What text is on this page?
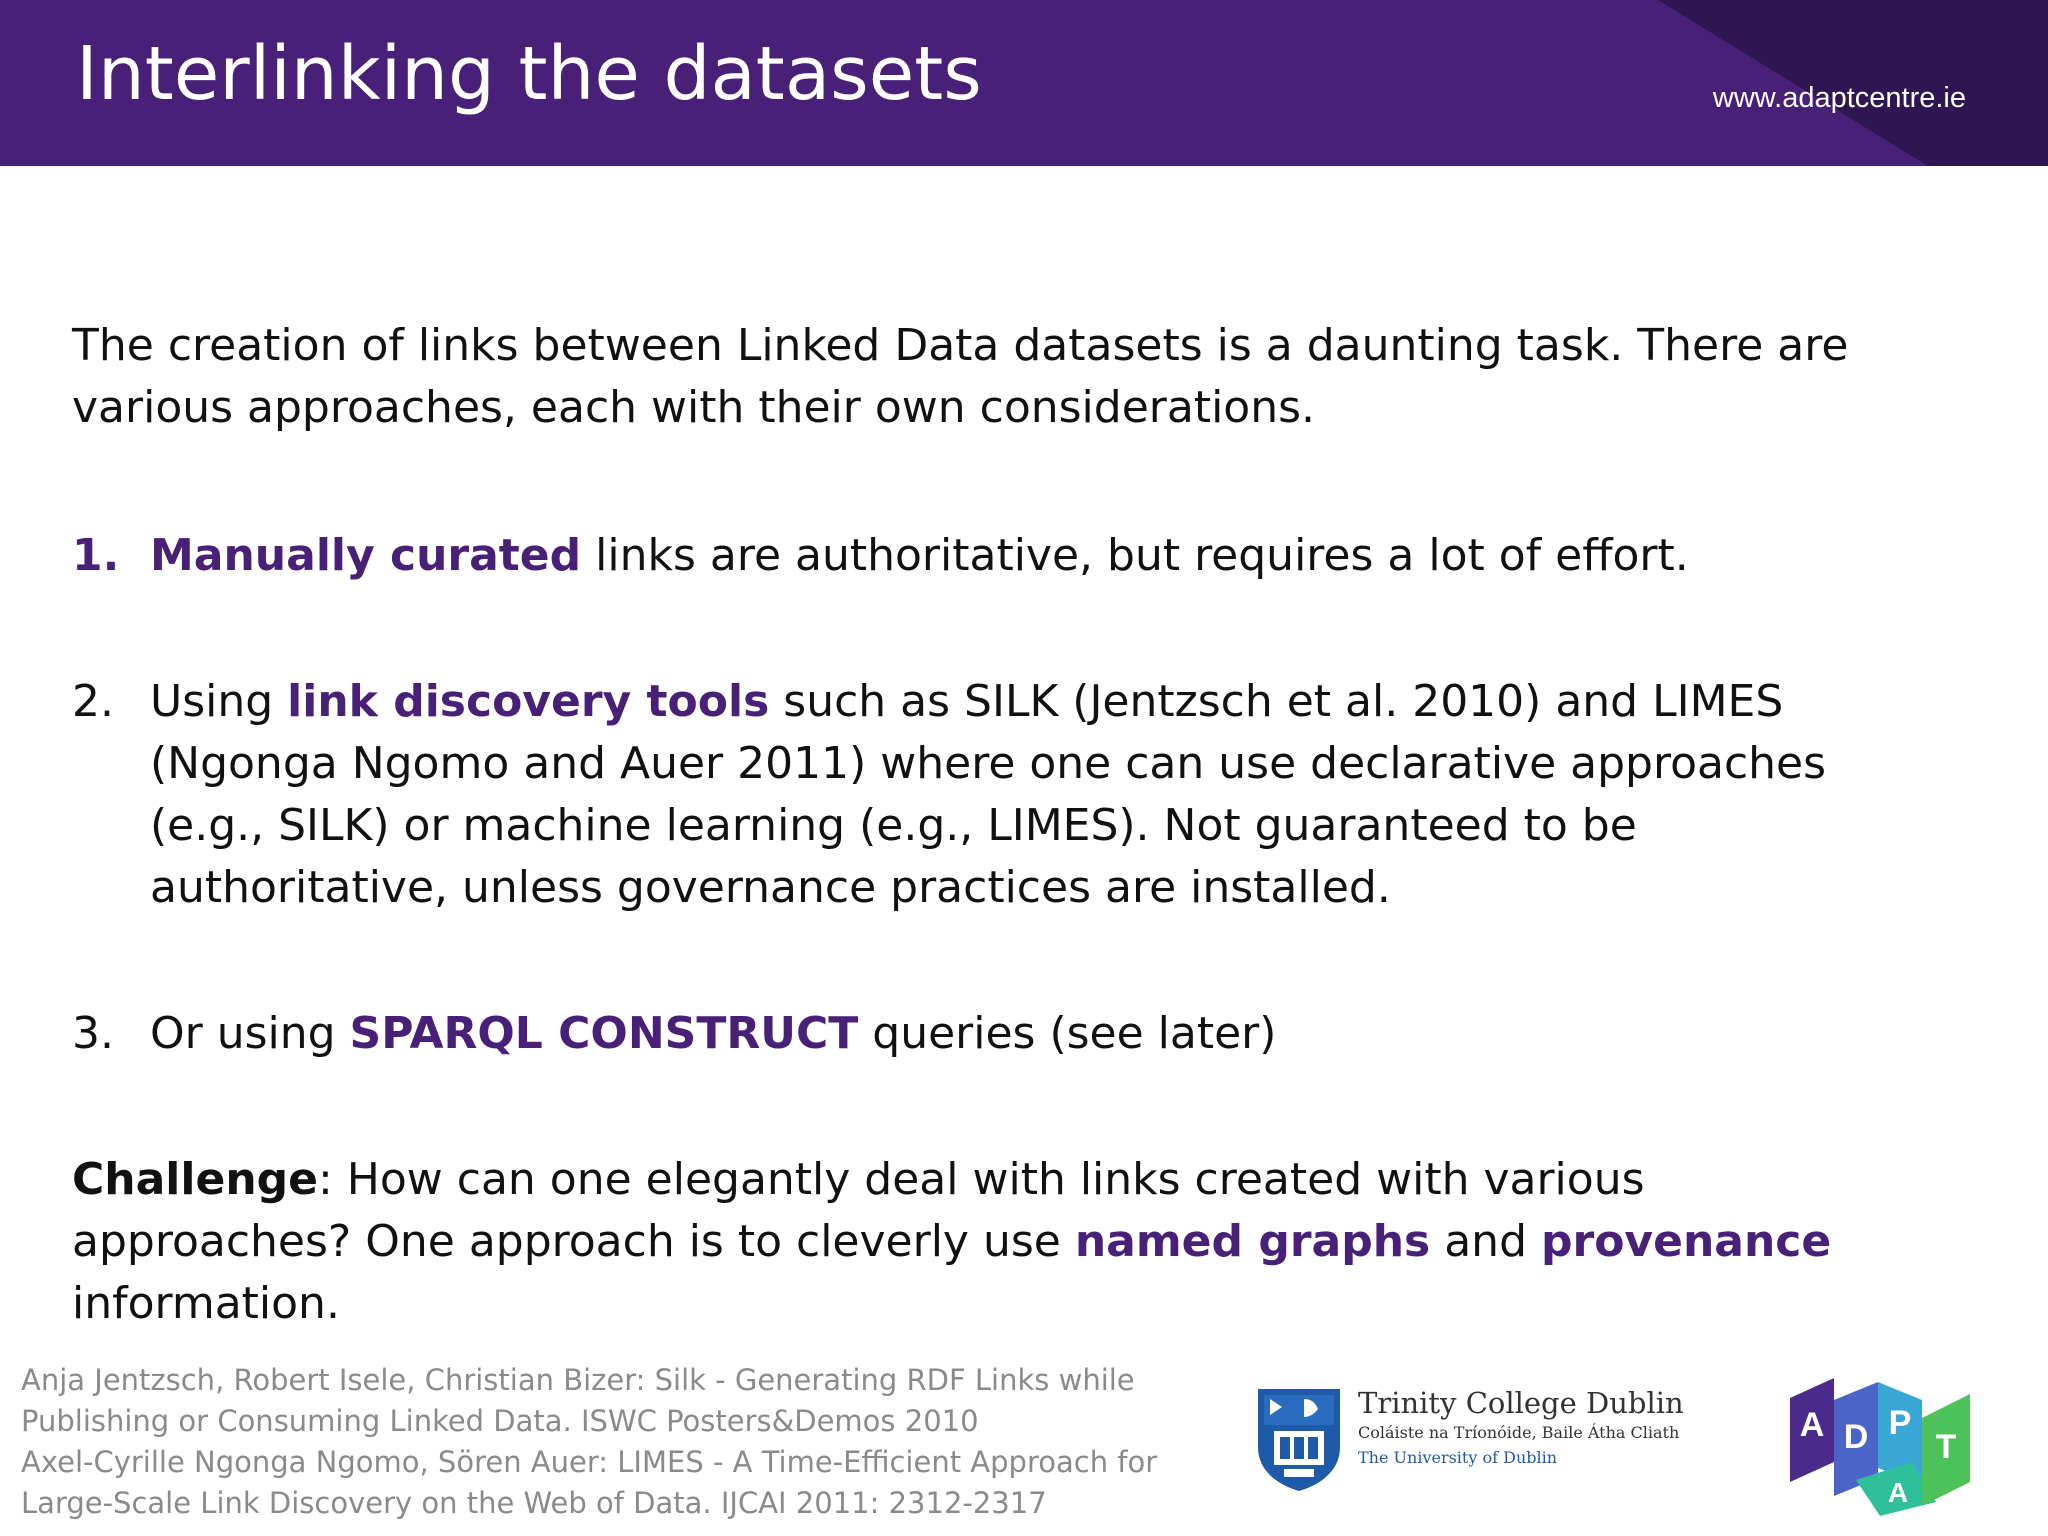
Interlinking the datasets	www.adaptcentre.ie

The creation of links between Linked Data datasets is a daunting task. There are various approaches, each with their own considerations.

1. Manually curated links are authoritative, but requires a lot of effort.
2. Using link discovery tools such as SILK (Jentzsch et al. 2010) and LIMES (Ngonga Ngomo and Auer 2011) where one can use declarative approaches (e.g., SILK) or machine learning (e.g., LIMES). Not guaranteed to be authoritative, unless governance practices are installed.
3. Or using SPARQL CONSTRUCT queries (see later)

Challenge: How can one elegantly deal with links created with various approaches? One approach is to cleverly use named graphs and provenance information.

Anja Jentzsch, Robert Isele, Christian Bizer: Silk - Generating RDF Links while
Publishing or Consuming Linked Data. ISWC Posters&Demos 2010
Axel-Cyrille Ngonga Ngomo, Sören Auer: LIMES - A Time-Efficient Approach for
Large-Scale Link Discovery on the Web of Data. IJCAI 2011: 2312-2317
Trinity College Dublin
Coláiste na Tríonóide, Baile Átha Cliath
The University of Dublin
A D P
A
T
